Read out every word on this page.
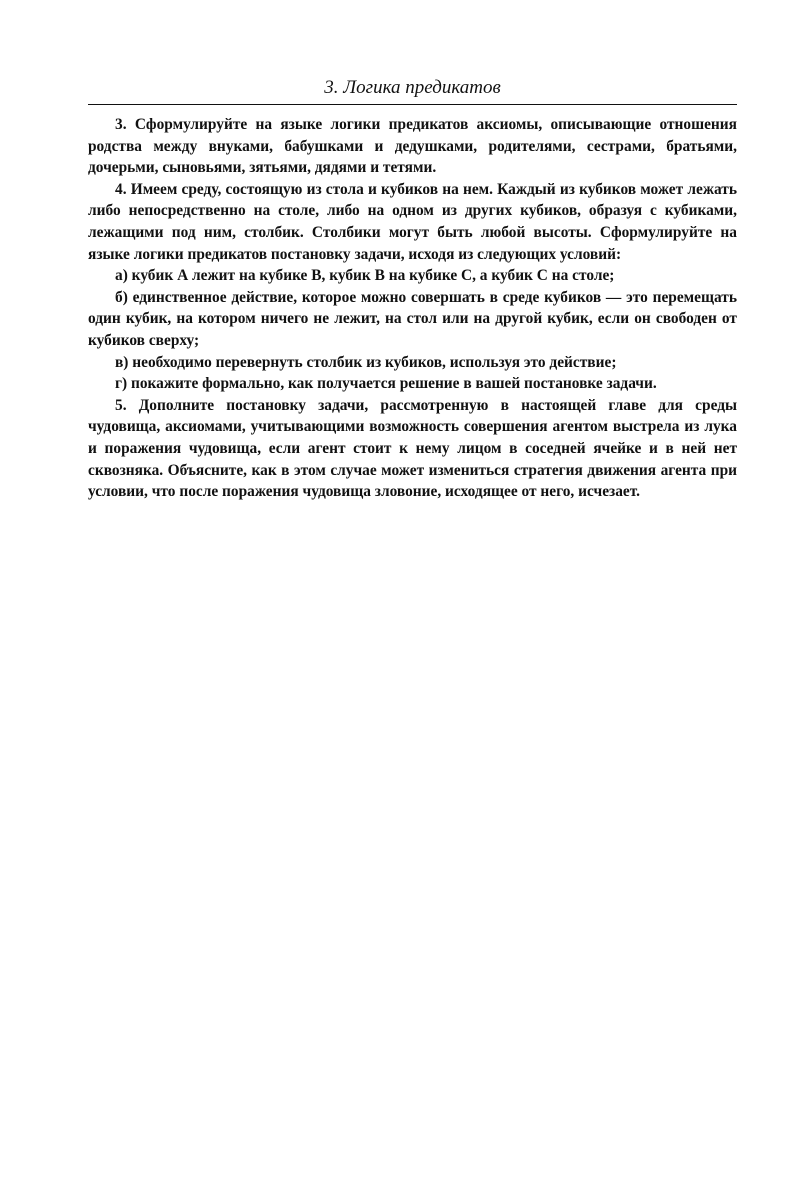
3. Логика предикатов

3. Сформулируйте на языке логики предикатов аксиомы, описывающие отношения родства между внуками, бабушками и дедушками, родителями, сестрами, братьями, дочерьми, сыновьями, зятьями, дядями и тетями.

4. Имеем среду, состоящую из стола и кубиков на нем. Каждый из кубиков может лежать либо непосредственно на столе, либо на одном из других кубиков, образуя с кубиками, лежащими под ним, столбик. Столбики могут быть любой высоты. Сформулируйте на языке логики предикатов постановку задачи, исходя из следующих условий:

а) кубик А лежит на кубике В, кубик В на кубике С, а кубик С на столе;

б) единственное действие, которое можно совершать в среде кубиков — это перемещать один кубик, на котором ничего не лежит, на стол или на другой кубик, если он свободен от кубиков сверху;

в) необходимо перевернуть столбик из кубиков, используя это действие;

г) покажите формально, как получается решение в вашей постановке задачи.

5. Дополните постановку задачи, рассмотренную в настоящей главе для среды чудовища, аксиомами, учитывающими возможность совершения агентом выстрела из лука и поражения чудовища, если агент стоит к нему лицом в соседней ячейке и в ней нет сквозняка. Объясните, как в этом случае может измениться стратегия движения агента при условии, что после поражения чудовища зловоние, исходящее от него, исчезает.
